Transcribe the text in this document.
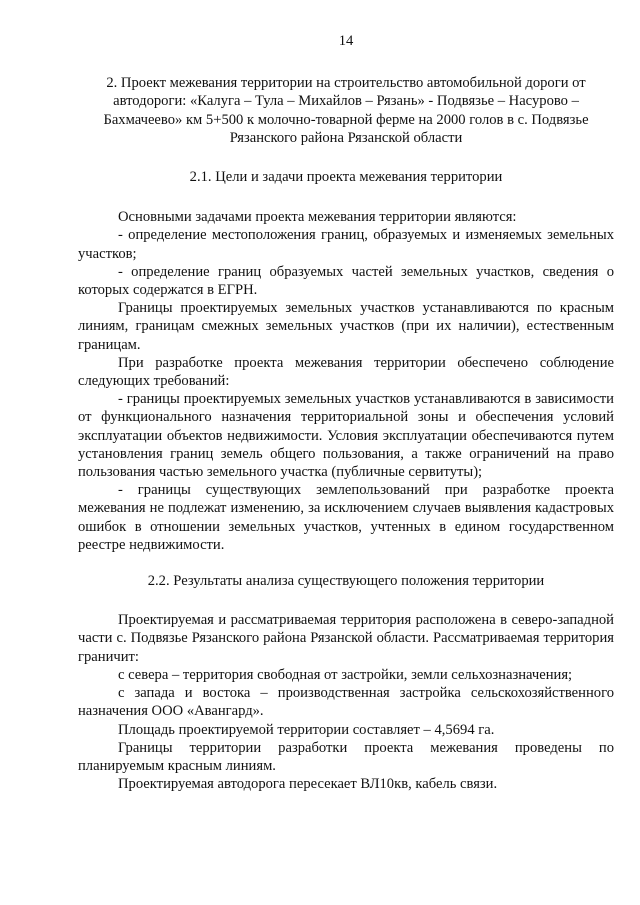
14
2. Проект межевания территории на строительство автомобильной дороги от автодороги: «Калуга – Тула – Михайлов – Рязань» - Подвязье – Насурово – Бахмачеево» км 5+500 к молочно-товарной ферме на 2000 голов в с. Подвязье Рязанского района Рязанской области
2.1. Цели и задачи проекта межевания территории

Основными задачами проекта межевания территории являются:

- определение местоположения границ, образуемых и изменяемых земельных участков;

- определение границ образуемых частей земельных участков, сведения о которых содержатся в ЕГРН.

Границы проектируемых земельных участков устанавливаются по красным линиям, границам смежных земельных участков (при их наличии), естественным границам.

При разработке проекта межевания территории обеспечено соблюдение следующих требований:

- границы проектируемых земельных участков устанавливаются в зависимости от функционального назначения территориальной зоны и обеспечения условий эксплуатации объектов недвижимости. Условия эксплуатации обеспечиваются путем установления границ земель общего пользования, а также ограничений на право пользования частью земельного участка (публичные сервитуты);

- границы существующих землепользований при разработке проекта межевания не подлежат изменению, за исключением случаев выявления кадастровых ошибок в отношении земельных участков, учтенных в едином государственном реестре недвижимости.

2.2. Результаты анализа существующего положения территории

Проектируемая и рассматриваемая территория расположена в северо-западной части с. Подвязье Рязанского района Рязанской области. Рассматриваемая территория граничит:

с севера – территория свободная от застройки, земли сельхозназначения;

с запада и востока – производственная застройка сельскохозяйственного назначения ООО «Авангард».

Площадь проектируемой территории составляет – 4,5694 га.

Границы территории разработки проекта межевания проведены по планируемым красным линиям.

Проектируемая автодорога пересекает ВЛ10кв, кабель связи.
